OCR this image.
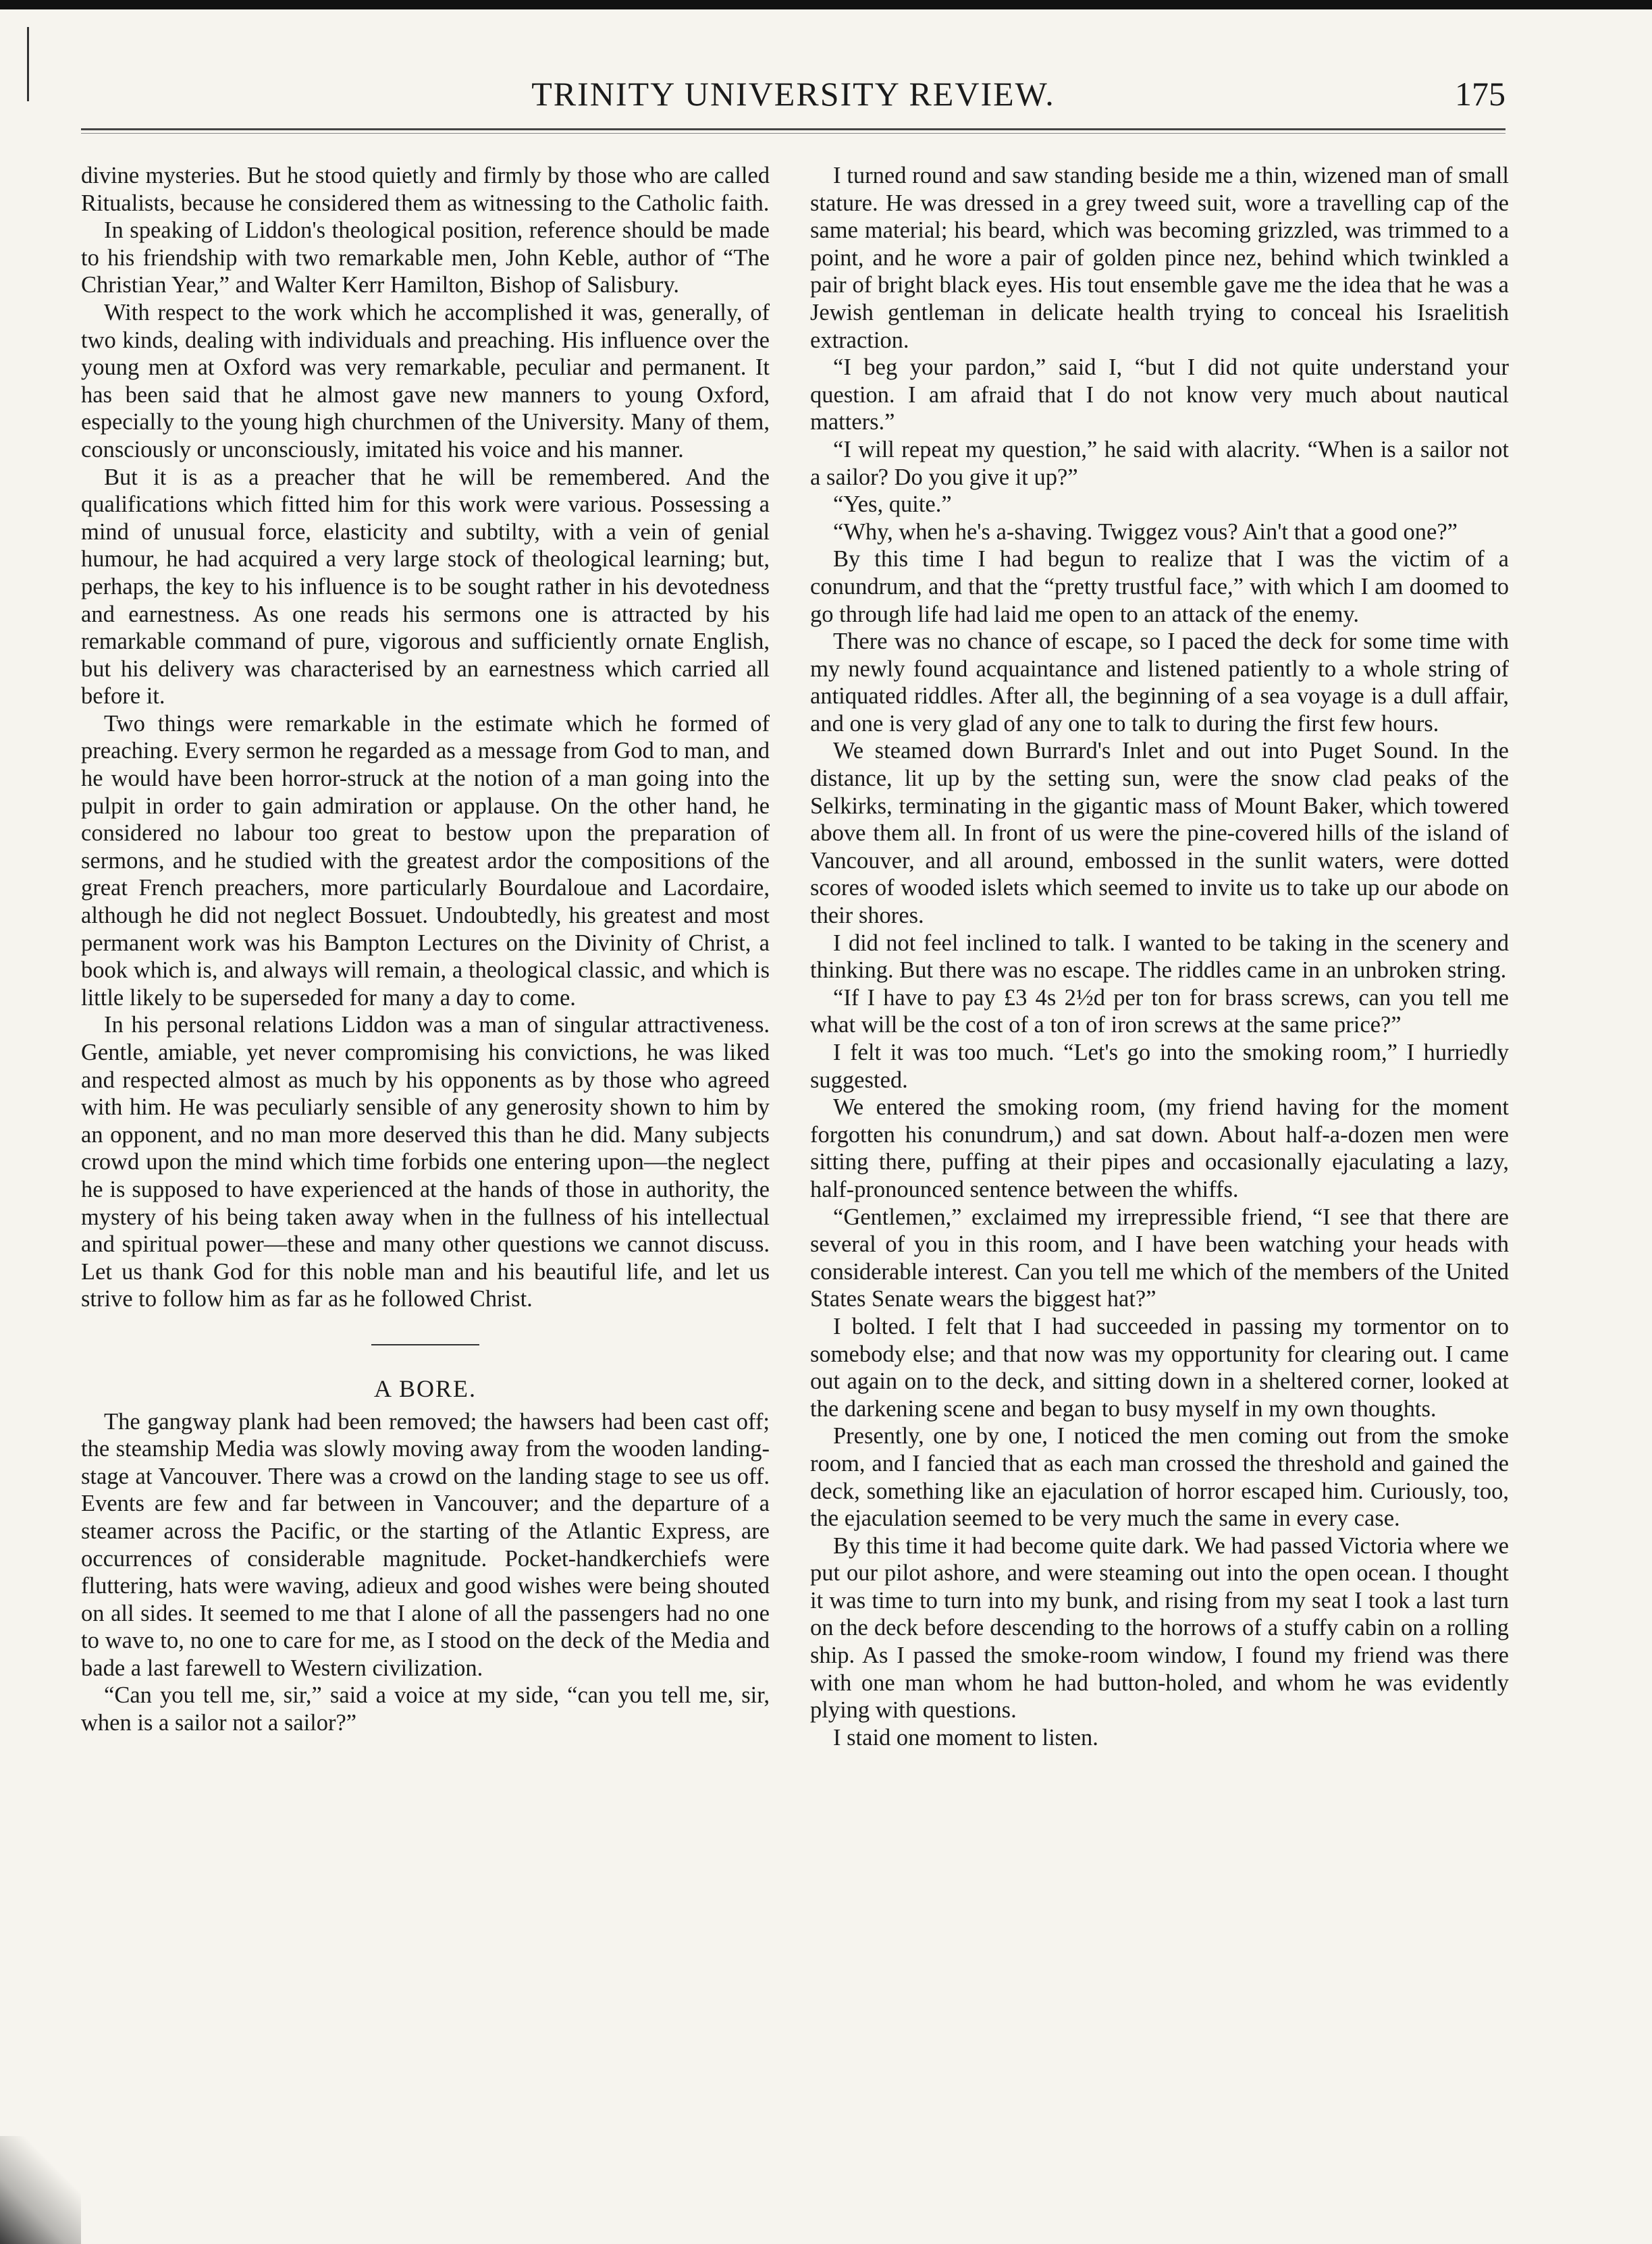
TRINITY UNIVERSITY REVIEW.	175

divine mysteries. But he stood quietly and firmly by those who are called Ritualists, because he considered them as witnessing to the Catholic faith.

In speaking of Liddon's theological position, reference should be made to his friendship with two remarkable men, John Keble, author of “The Christian Year,” and Walter Kerr Hamilton, Bishop of Salisbury.

With respect to the work which he accomplished it was, generally, of two kinds, dealing with individuals and preaching. His influence over the young men at Oxford was very remarkable, peculiar and permanent. It has been said that he almost gave new manners to young Oxford, especially to the young high churchmen of the University. Many of them, consciously or unconsciously, imitated his voice and his manner.

But it is as a preacher that he will be remembered. And the qualifications which fitted him for this work were various. Possessing a mind of unusual force, elasticity and subtilty, with a vein of genial humour, he had acquired a very large stock of theological learning; but, perhaps, the key to his influence is to be sought rather in his devotedness and earnestness. As one reads his sermons one is attracted by his remarkable command of pure, vigorous and sufficiently ornate English, but his delivery was characterised by an earnestness which carried all before it.

Two things were remarkable in the estimate which he formed of preaching. Every sermon he regarded as a message from God to man, and he would have been horror-struck at the notion of a man going into the pulpit in order to gain admiration or applause. On the other hand, he considered no labour too great to bestow upon the preparation of sermons, and he studied with the greatest ardor the compositions of the great French preachers, more particularly Bourdaloue and Lacordaire, although he did not neglect Bossuet. Undoubtedly, his greatest and most permanent work was his Bampton Lectures on the Divinity of Christ, a book which is, and always will remain, a theological classic, and which is little likely to be superseded for many a day to come.

In his personal relations Liddon was a man of singular attractiveness. Gentle, amiable, yet never compromising his convictions, he was liked and respected almost as much by his opponents as by those who agreed with him. He was peculiarly sensible of any generosity shown to him by an opponent, and no man more deserved this than he did. Many subjects crowd upon the mind which time forbids one entering upon—the neglect he is supposed to have experienced at the hands of those in authority, the mystery of his being taken away when in the fullness of his intellectual and spiritual power—these and many other questions we cannot discuss. Let us thank God for this noble man and his beautiful life, and let us strive to follow him as far as he followed Christ.

A BORE.

The gangway plank had been removed; the hawsers had been cast off; the steamship Media was slowly moving away from the wooden landing-stage at Vancouver. There was a crowd on the landing stage to see us off. Events are few and far between in Vancouver; and the departure of a steamer across the Pacific, or the starting of the Atlantic Express, are occurrences of considerable magnitude. Pocket-handkerchiefs were fluttering, hats were waving, adieux and good wishes were being shouted on all sides. It seemed to me that I alone of all the passengers had no one to wave to, no one to care for me, as I stood on the deck of the Media and bade a last farewell to Western civilization.

“Can you tell me, sir,” said a voice at my side, “can you tell me, sir, when is a sailor not a sailor?”

I turned round and saw standing beside me a thin, wizened man of small stature. He was dressed in a grey tweed suit, wore a travelling cap of the same material; his beard, which was becoming grizzled, was trimmed to a point, and he wore a pair of golden pince nez, behind which twinkled a pair of bright black eyes. His tout ensemble gave me the idea that he was a Jewish gentleman in delicate health trying to conceal his Israelitish extraction.

“I beg your pardon,” said I, “but I did not quite understand your question. I am afraid that I do not know very much about nautical matters.”

“I will repeat my question,” he said with alacrity. “When is a sailor not a sailor? Do you give it up?”

“Yes, quite.”

“Why, when he's a-shaving. Twiggez vous? Ain't that a good one?”

By this time I had begun to realize that I was the victim of a conundrum, and that the “pretty trustful face,” with which I am doomed to go through life had laid me open to an attack of the enemy.

There was no chance of escape, so I paced the deck for some time with my newly found acquaintance and listened patiently to a whole string of antiquated riddles. After all, the beginning of a sea voyage is a dull affair, and one is very glad of any one to talk to during the first few hours.

We steamed down Burrard's Inlet and out into Puget Sound. In the distance, lit up by the setting sun, were the snow clad peaks of the Selkirks, terminating in the gigantic mass of Mount Baker, which towered above them all. In front of us were the pine-covered hills of the island of Vancouver, and all around, embossed in the sunlit waters, were dotted scores of wooded islets which seemed to invite us to take up our abode on their shores.

I did not feel inclined to talk. I wanted to be taking in the scenery and thinking. But there was no escape. The riddles came in an unbroken string.

“If I have to pay £3 4s 2½d per ton for brass screws, can you tell me what will be the cost of a ton of iron screws at the same price?”

I felt it was too much. “Let's go into the smoking room,” I hurriedly suggested.

We entered the smoking room, (my friend having for the moment forgotten his conundrum,) and sat down. About half-a-dozen men were sitting there, puffing at their pipes and occasionally ejaculating a lazy, half-pronounced sentence between the whiffs.

“Gentlemen,” exclaimed my irrepressible friend, “I see that there are several of you in this room, and I have been watching your heads with considerable interest. Can you tell me which of the members of the United States Senate wears the biggest hat?”

I bolted. I felt that I had succeeded in passing my tormentor on to somebody else; and that now was my opportunity for clearing out. I came out again on to the deck, and sitting down in a sheltered corner, looked at the darkening scene and began to busy myself in my own thoughts.

Presently, one by one, I noticed the men coming out from the smoke room, and I fancied that as each man crossed the threshold and gained the deck, something like an ejaculation of horror escaped him. Curiously, too, the ejaculation seemed to be very much the same in every case.

By this time it had become quite dark. We had passed Victoria where we put our pilot ashore, and were steaming out into the open ocean. I thought it was time to turn into my bunk, and rising from my seat I took a last turn on the deck before descending to the horrows of a stuffy cabin on a rolling ship. As I passed the smoke-room window, I found my friend was there with one man whom he had button-holed, and whom he was evidently plying with questions.

I staid one moment to listen.
